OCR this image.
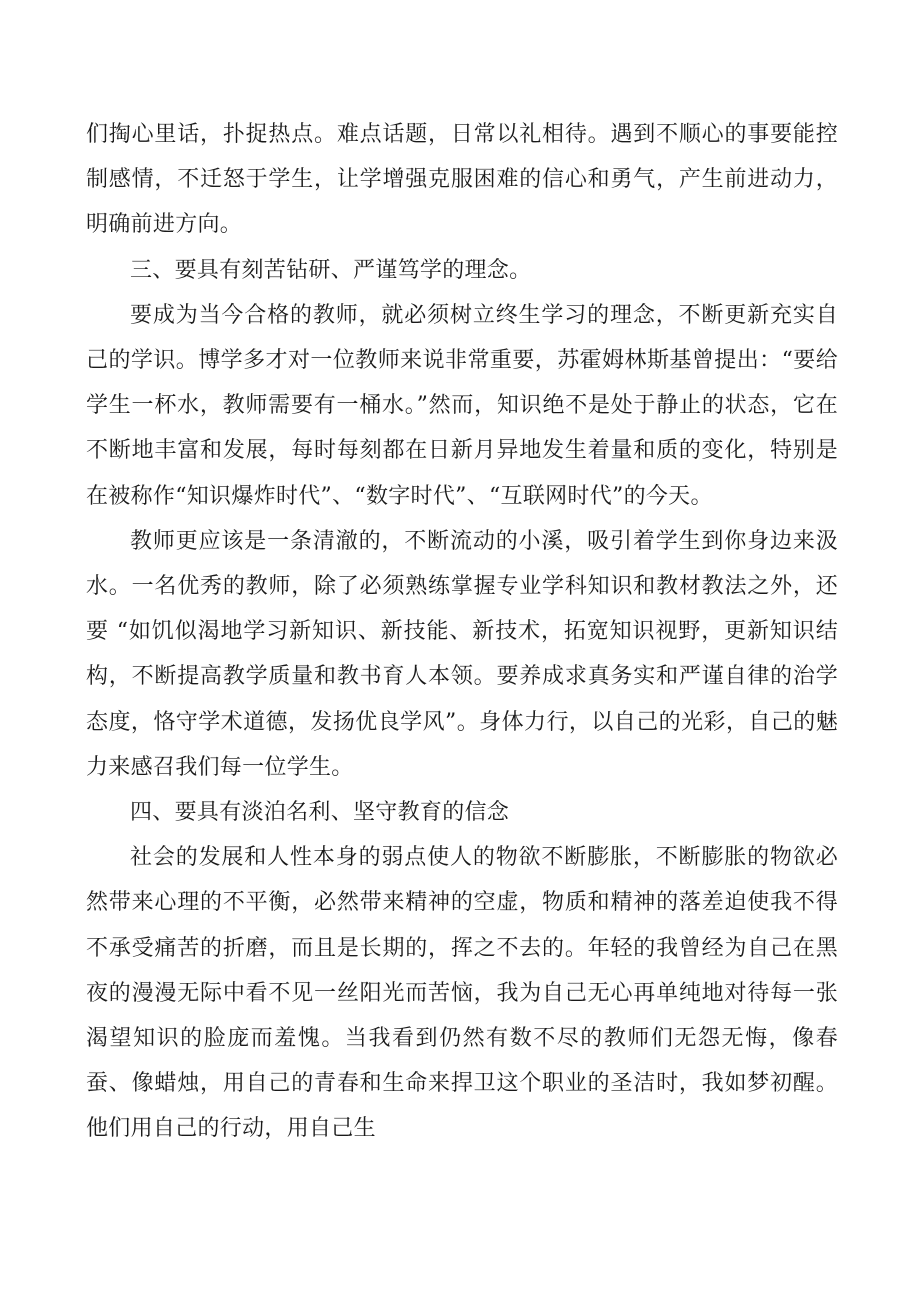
们掏心里话，扑捉热点。难点话题，日常以礼相待。遇到不顺心的事要能控制感情，不迁怒于学生，让学增强克服困难的信心和勇气，产生前进动力，明确前进方向。

三、要具有刻苦钻研、严谨笃学的理念。

要成为当今合格的教师，就必须树立终生学习的理念，不断更新充实自己的学识。博学多才对一位教师来说非常重要，苏霍姆林斯基曾提出：“要给学生一杯水，教师需要有一桶水。”然而，知识绝不是处于静止的状态，它在不断地丰富和发展，每时每刻都在日新月异地发生着量和质的变化，特别是在被称作“知识爆炸时代”、“数字时代”、“互联网时代”的今天。

教师更应该是一条清澈的，不断流动的小溪，吸引着学生到你身边来汲水。一名优秀的教师，除了必须熟练掌握专业学科知识和教材教法之外，还要 “如饥似渴地学习新知识、新技能、新技术，拓宽知识视野，更新知识结构，不断提高教学质量和教书育人本领。要养成求真务实和严谨自律的治学态度，恪守学术道德，发扬优良学风”。身体力行，以自己的光彩，自己的魅力来感召我们每一位学生。

四、要具有淡泊名利、坚守教育的信念

社会的发展和人性本身的弱点使人的物欲不断膨胀，不断膨胀的物欲必然带来心理的不平衡，必然带来精神的空虚，物质和精神的落差迫使我不得不承受痛苦的折磨，而且是长期的，挥之不去的。年轻的我曾经为自己在黑夜的漫漫无际中看不见一丝阳光而苦恼，我为自己无心再单纯地对待每一张渴望知识的脸庞而羞愧。当我看到仍然有数不尽的教师们无怨无悔，像春蚕、像蜡烛，用自己的青春和生命来捍卫这个职业的圣洁时，我如梦初醒。他们用自己的行动，用自己生
